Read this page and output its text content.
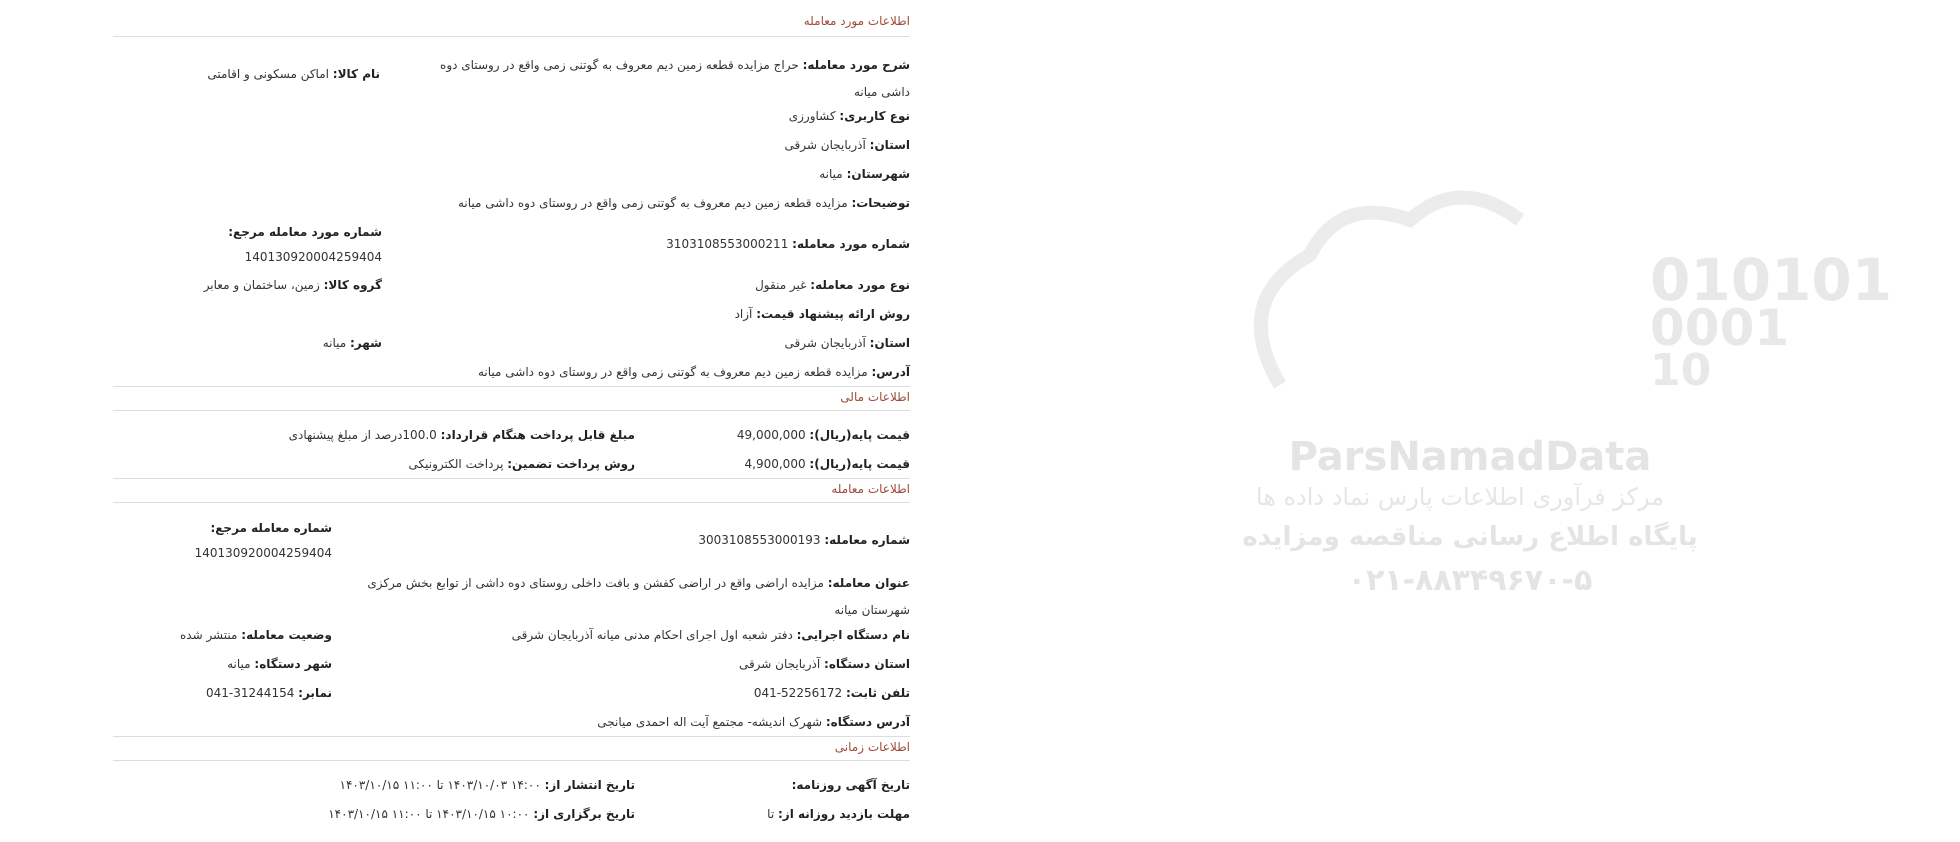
010101
0001
10
ParsNamadData
مرکز فرآوری اطلاعات پارس نماد داده ها
پایگاه اطلاع رسانی مناقصه ومزایده
۰۲۱-۸۸۳۴۹۶۷۰-۵
اطلاعات مورد معامله
شرح مورد معامله: حراج مزایده قطعه زمین دیم معروف به گوتنی زمی واقع در روستای دوه داشی میانه
نام کالا: اماکن مسکونی و اقامتی
نوع کاربری: کشاورزی
استان: آذربایجان شرقی
شهرستان: میانه
توضیحات: مزایده قطعه زمین دیم معروف به گوتنی زمی واقع در روستای دوه داشی میانه
شماره مورد معامله مرجع:
14013092000425940​4
شماره مورد معامله: 3103108553000211
نوع مورد معامله: غیر منقول
گروه کالا: زمین، ساختمان و معابر
روش ارائه پیشنهاد قیمت: آزاد
استان: آذربایجان شرقی
شهر: میانه
آدرس: مزایده قطعه زمین دیم معروف به گوتنی زمی واقع در روستای دوه داشی میانه
اطلاعات مالی
قیمت پایه(ریال): 49,000,000
مبلغ قابل پرداخت هنگام قرارداد: 100.0درصد از مبلغ پیشنهادی
قیمت پایه(ریال): 4,900,000
روش پرداخت تضمین: پرداخت الکترونیکی
اطلاعات معامله
شماره معامله مرجع:
140130920004259404
شماره معامله: 3003108553000193
عنوان معامله: مزایده اراضی واقع در اراضی کفشن و بافت داخلی روستای دوه داشی از توابع بخش مرکزی شهرستان میانه
نام دستگاه اجرایی: دفتر شعبه اول اجرای احکام مدنی میانه آذربایجان شرقی
وضعیت معامله: منتشر شده
استان دستگاه: آذربایجان شرقی
شهر دستگاه: میانه
تلفن ثابت: 041-52256172
نمابر: 041-31244154
آدرس دستگاه: شهرک اندیشه- مجتمع آیت اله احمدی میانجی
اطلاعات زمانی
تاریخ آگهی روزنامه:
تاریخ انتشار از: ۱۴:۰۰ ۱۴۰۳/۱۰/۰۳ تا ۱۱:۰۰ ۱۴۰۳/۱۰/۱۵
مهلت بازدید روزانه از: تا
تاریخ برگزاری از: ۱۰:۰۰ ۱۴۰۳/۱۰/۱۵ تا ۱۱:۰۰ ۱۴۰۳/۱۰/۱۵
